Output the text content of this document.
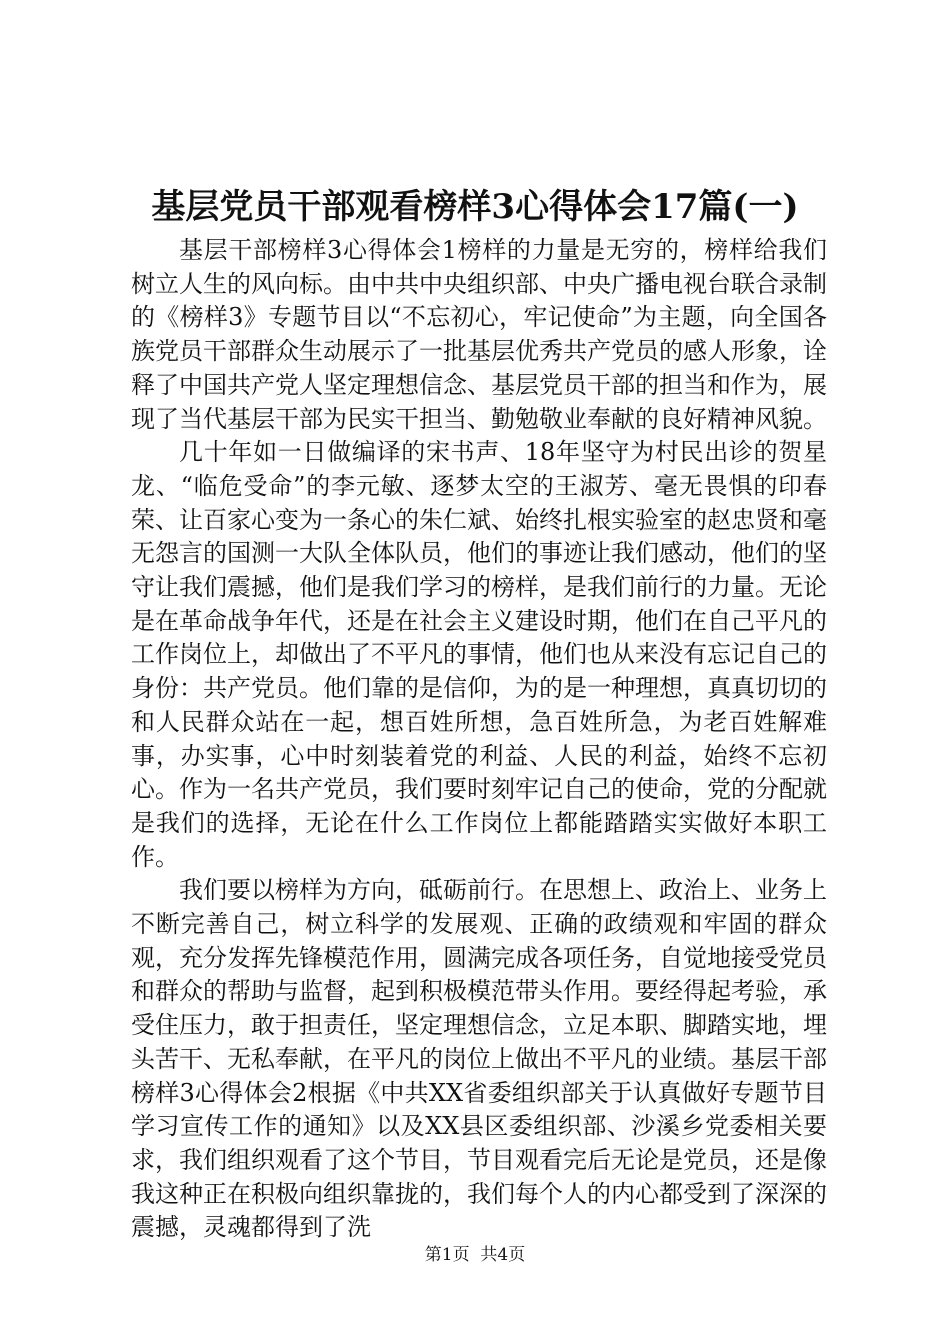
基层党员干部观看榜样3心得体会17篇(一)

基层干部榜样3心得体会1榜样的力量是无穷的，榜样给我们树立人生的风向标。由中共中央组织部、中央广播电视台联合录制的《榜样3》专题节目以“不忘初心，牢记使命”为主题，向全国各族党员干部群众生动展示了一批基层优秀共产党员的感人形象，诠释了中国共产党人坚定理想信念、基层党员干部的担当和作为，展现了当代基层干部为民实干担当、勤勉敬业奉献的良好精神风貌。

几十年如一日做编译的宋书声、18年坚守为村民出诊的贺星龙、“临危受命”的李元敏、逐梦太空的王淑芳、毫无畏惧的印春荣、让百家心变为一条心的朱仁斌、始终扎根实验室的赵忠贤和毫无怨言的国测一大队全体队员，他们的事迹让我们感动，他们的坚守让我们震撼，他们是我们学习的榜样，是我们前行的力量。无论是在革命战争年代，还是在社会主义建设时期，他们在自己平凡的工作岗位上，却做出了不平凡的事情，他们也从来没有忘记自己的身份：共产党员。他们靠的是信仰，为的是一种理想，真真切切的和人民群众站在一起，想百姓所想，急百姓所急，为老百姓解难事，办实事，心中时刻装着党的利益、人民的利益，始终不忘初心。作为一名共产党员，我们要时刻牢记自己的使命，党的分配就是我们的选择，无论在什么工作岗位上都能踏踏实实做好本职工作。

我们要以榜样为方向，砥砺前行。在思想上、政治上、业务上不断完善自己，树立科学的发展观、正确的政绩观和牢固的群众观，充分发挥先锋模范作用，圆满完成各项任务，自觉地接受党员和群众的帮助与监督，起到积极模范带头作用。要经得起考验，承受住压力，敢于担责任，坚定理想信念，立足本职、脚踏实地，埋头苦干、无私奉献，在平凡的岗位上做出不平凡的业绩。基层干部榜样3心得体会2根据《中共XX省委组织部关于认真做好专题节目学习宣传工作的通知》以及XX县区委组织部、沙溪乡党委相关要求，我们组织观看了这个节目，节目观看完后无论是党员，还是像我这种正在积极向组织靠拢的，我们每个人的内心都受到了深深的震撼，灵魂都得到了洗

第1页  共4页
